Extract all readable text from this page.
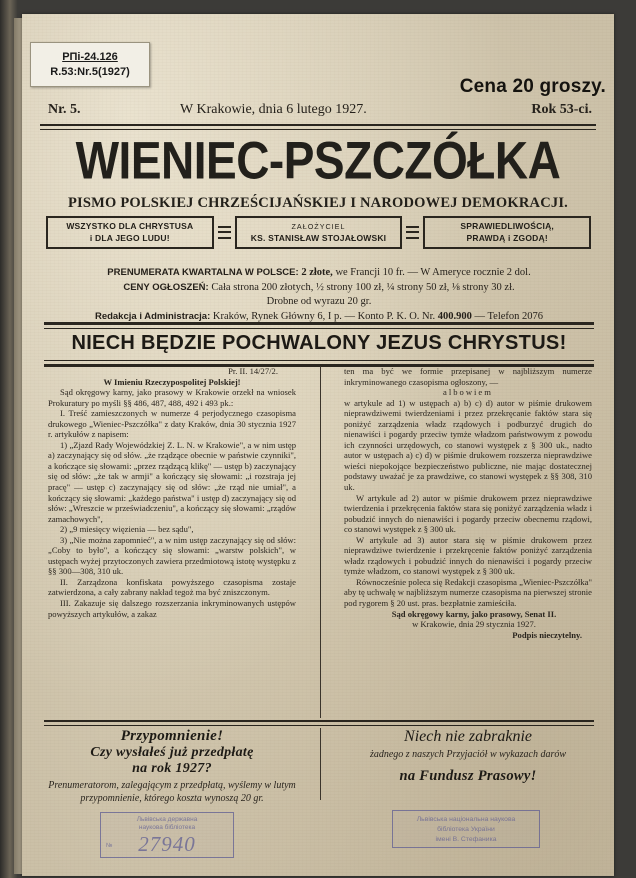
РПi-24.126
R.53:Nr.5(1927)
Cena 20 groszy.
Nr. 5.	W Krakowie, dnia 6 lutego 1927.	Rok 53-ci.
WIENIEC-PSZCZÓŁKA
PISMO POLSKIEJ CHRZEŚCIJAŃSKIEJ I NARODOWEJ DEMOKRACJI.
WSZYSTKO DLA CHRYSTUSA
i DLA JEGO LUDU!
ZAŁOŻYCIEL
KS. STANISŁAW STOJAŁOWSKI
SPRAWIEDLIWOŚCIĄ,
PRAWDĄ i ZGODĄ!
PRENUMERATA KWARTALNA W POLSCE: 2 złote, we Francji 10 fr. — W Ameryce rocznie 2 dol.
CENY OGŁOSZEŃ: Cała strona 200 złotych, ½ strony 100 zł, ¼ strony 50 zł, ⅛ strony 30 zł.
Drobne od wyrazu 20 gr.
Redakcja i Administracja: Kraków, Rynek Główny 6, I p. — Konto P. K. O. Nr. 400.900 — Telefon 2076
NIECH BĘDZIE POCHWALONY JEZUS CHRYSTUS!

Pr. II. 14/27/2.

W Imieniu Rzeczypospolitej Polskiej!

Sąd okręgowy karny, jako prasowy w Krakowie orzekł na wniosek Prokuratury po myśli §§ 486, 487, 488, 492 i 493 pk.:

I. Treść zamieszczonych w numerze 4 perjodycznego czasopisma drukowego „Wieniec-Pszczółka" z daty Kraków, dnia 30 stycznia 1927 r. artykułów z napisem:

1) „Zjazd Rady Wojewódzkiej Z. L. N. w Krakowie", a w nim ustęp a) zaczynający się od słów. „że rządzące obecnie w państwie czynniki", a kończące się słowami: „przez rządzącą klikę" — ustęp b) zaczynający się od słów: „że tak w armji" a kończący się słowami: „i rozstraja jej pracę" — ustęp c) zaczynający się od słów: „że rząd nie umiał", a kończący się słowami: „każdego państwa" i ustęp d) zaczynający się od słów: „Wreszcie w przeświadczeniu", a kończący się słowami: „rządów zamachowych",

2) „9 miesięcy więzienia — bez sądu",

3) „Nie można zapomnieć", a w nim ustęp zaczynający się od słów: „Coby to było", a kończący się słowami: „warstw polskich", w ustępach wyżej przytoczonych zawiera przedmiotową istotę występku z §§ 300—308, 310 uk.

II. Zarządzona konfiskata powyższego czasopisma zostaje zatwierdzona, a cały zabrany nakład tegoż ma być zniszczonym.

III. Zakazuje się dalszego rozszerzania inkryminowanych ustępów powyższych artykułów, a zakaz

ten ma być we formie przepisanej w najbliższym numerze inkryminowanego czasopisma ogłoszony, —

albowiem

w artykule ad 1) w ustępach a) b) c) d) autor w piśmie drukowem nieprawdziwemi twierdzeniami i przez przekręcanie faktów stara się poniżyć zarządzenia władz rządowych i podburzyć drugich do nienawiści i pogardy przeciw tymże władzom państwowym z powodu ich czynności urzędowych, co stanowi występek z § 300 uk., nadto autor w ustępach a) c) d) w piśmie drukowem rozszerza nieprawdziwe wieści niepokojące bezpieczeństwo publiczne, nie mając dostatecznej podstawy uważać je za prawdziwe, co stanowi występek z §§ 308, 310 uk.

W artykule ad 2) autor w piśmie drukowem przez nieprawdziwe twierdzenia i przekręcenia faktów stara się poniżyć zarządzenia władz i pobudzić innych do nienawiści i pogardy przeciw obecnemu rządowi, co stanowi występek z § 300 uk.

W artykule ad 3) autor stara się w piśmie drukowem przez nieprawdziwe twierdzenie i przekręcenie faktów poniżyć zarządzenia władz rządowych i pobudzić innych do nienawiści i pogardy przeciw tymże władzom, co stanowi występek z § 300 uk.

Równocześnie poleca się Redakcji czasopisma „Wieniec-Pszczółka" aby tę uchwałę w najbliższym numerze czasopisma na pierwszej stronie pod rygorem § 20 ust. pras. bezpłatnie zamieściła.

Sąd okręgowy karny, jako prasowy, Senat II.

w Krakowie, dnia 29 stycznia 1927.

Podpis nieczytelny.

Przypomnienie!
Czy wysłałeś już przedpłatę
na rok 1927?
Prenumeratorom, zalegającym z przedpłatą, wyślemy w lutym przypomnienie, którego koszta wynoszą 20 gr.
Niech nie zabraknie
żadnego z naszych Przyjaciół w wykazach darów
na Fundusz Prasowy!
Львівська державна
наукова бібліотека
№	27940
Львівська національна наукова
бібліотека України
імені В. Стефаника
